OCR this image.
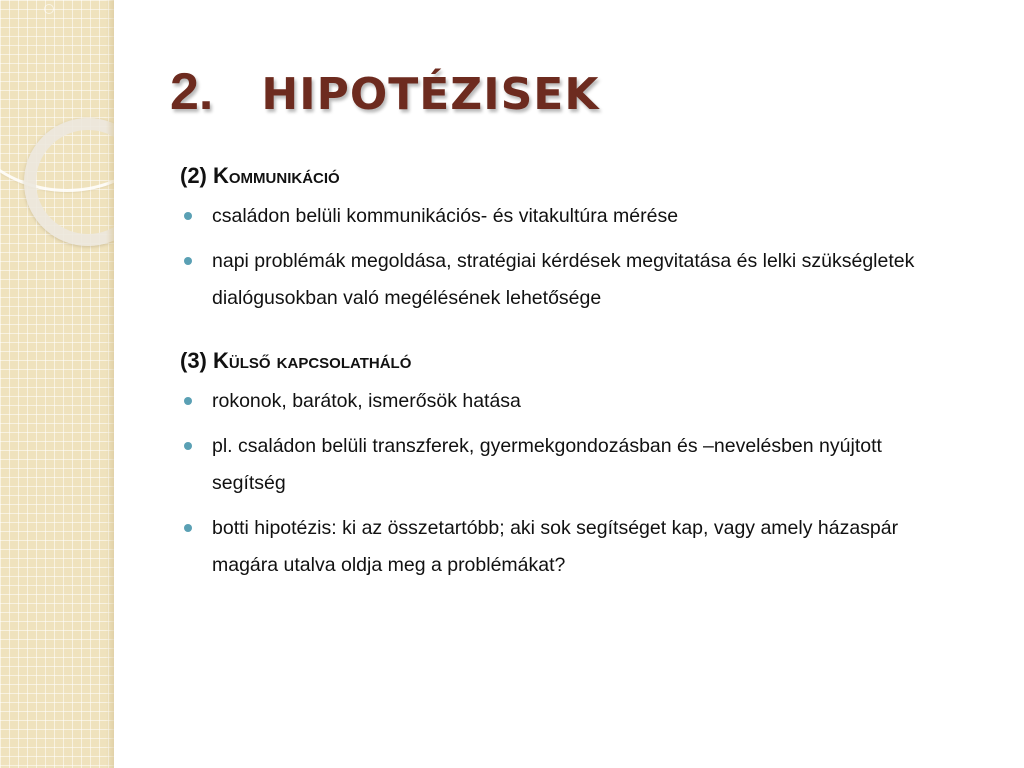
2. HIPOTÉZISEK
(2) Kommunikáció
családon belüli kommunikációs- és vitakultúra mérése
napi problémák megoldása, stratégiai kérdések megvitatása és lelki szükségletek dialógusokban való megélésének lehetősége
(3) Külső kapcsolatháló
rokonok, barátok, ismerősök hatása
pl. családon belüli transzferek, gyermekgondozásban és –nevelésben nyújtott segítség
botti hipotézis: ki az összetartóbb; aki sok segítséget kap, vagy amely házaspár magára utalva oldja meg a problémákat?
